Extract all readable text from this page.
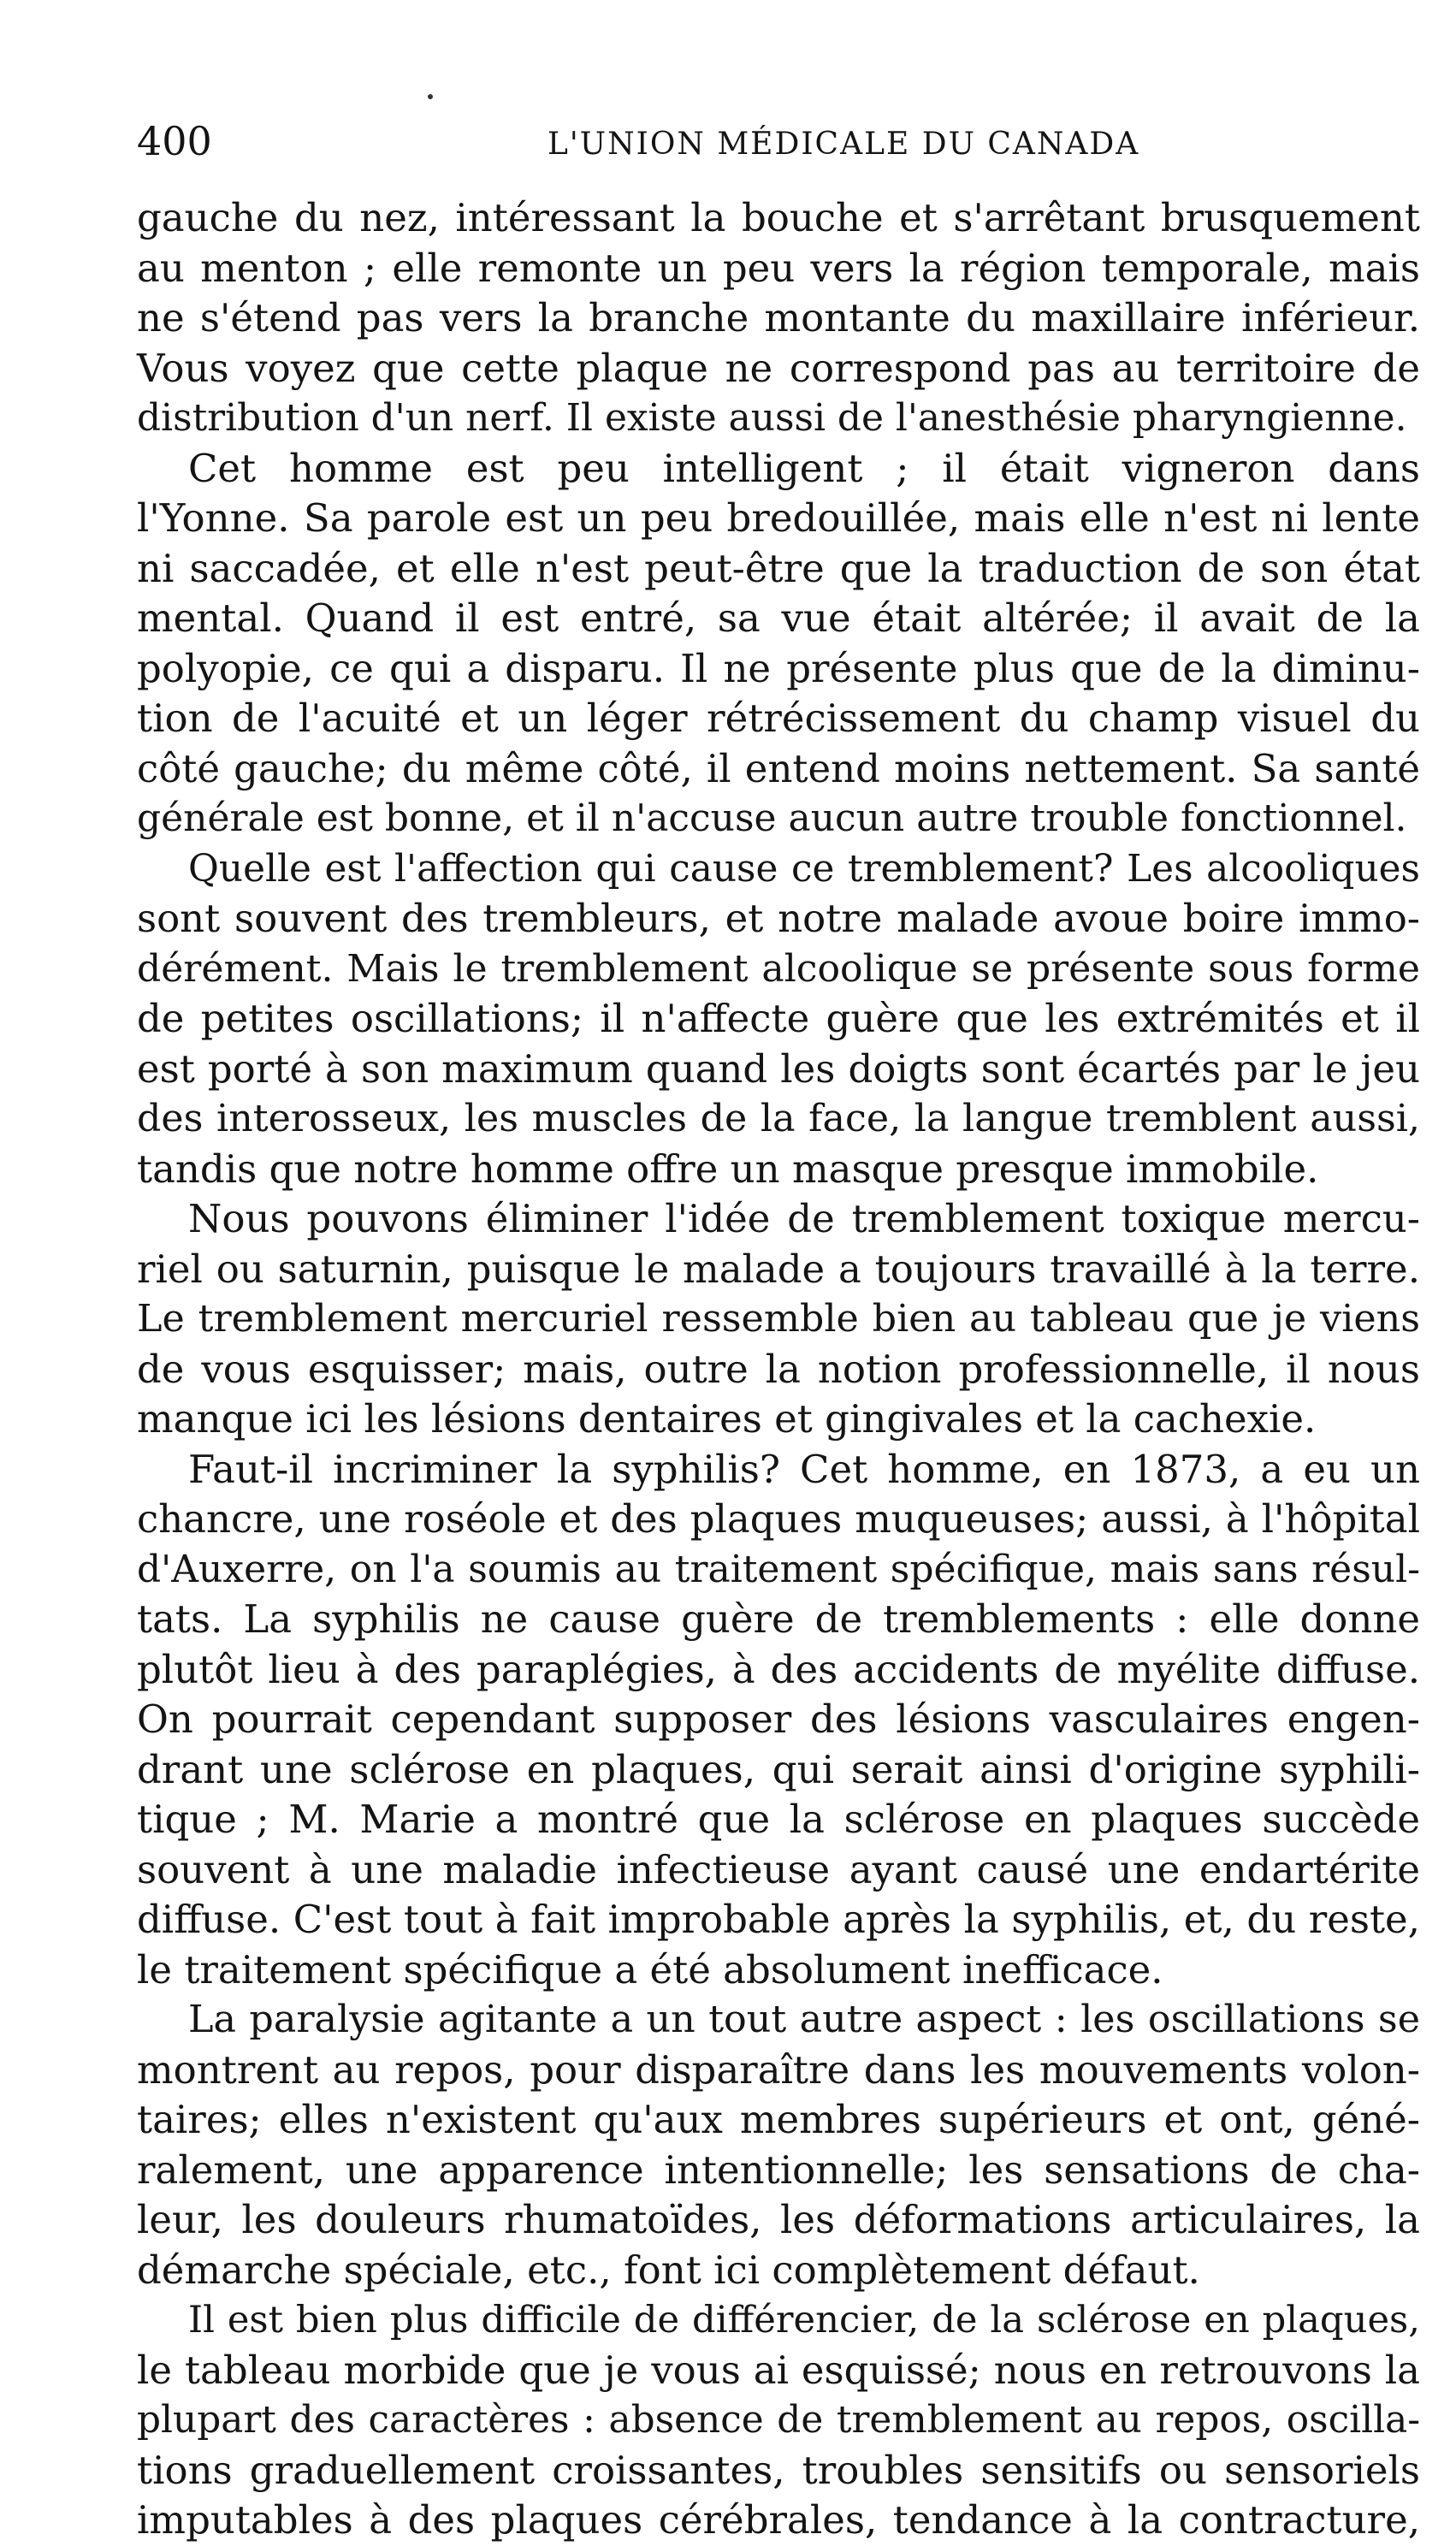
400	L'UNION MÉDICALE DU CANADA

gauche du nez, intéressant la bouche et s'arrêtant brusquement
au menton ; elle remonte un peu vers la région temporale, mais
ne s'étend pas vers la branche montante du maxillaire inférieur.
Vous voyez que cette plaque ne correspond pas au territoire de
distribution d'un nerf. Il existe aussi de l'anesthésie pharyngienne.

Cet homme est peu intelligent ; il était vigneron dans
l'Yonne. Sa parole est un peu bredouillée, mais elle n'est ni lente
ni saccadée, et elle n'est peut-être que la traduction de son état
mental. Quand il est entré, sa vue était altérée; il avait de la
polyopie, ce qui a disparu. Il ne présente plus que de la diminu-
tion de l'acuité et un léger rétrécissement du champ visuel du
côté gauche; du même côté, il entend moins nettement. Sa santé
générale est bonne, et il n'accuse aucun autre trouble fonctionnel.

Quelle est l'affection qui cause ce tremblement? Les alcooliques
sont souvent des trembleurs, et notre malade avoue boire immo-
dérément. Mais le tremblement alcoolique se présente sous forme
de petites oscillations; il n'affecte guère que les extrémités et il
est porté à son maximum quand les doigts sont écartés par le jeu
des interosseux, les muscles de la face, la langue tremblent aussi,
tandis que notre homme offre un masque presque immobile.

Nous pouvons éliminer l'idée de tremblement toxique mercu-
riel ou saturnin, puisque le malade a toujours travaillé à la terre.
Le tremblement mercuriel ressemble bien au tableau que je viens
de vous esquisser; mais, outre la notion professionnelle, il nous
manque ici les lésions dentaires et gingivales et la cachexie.

Faut-il incriminer la syphilis? Cet homme, en 1873, a eu un
chancre, une roséole et des plaques muqueuses; aussi, à l'hôpital
d'Auxerre, on l'a soumis au traitement spécifique, mais sans résul-
tats. La syphilis ne cause guère de tremblements : elle donne
plutôt lieu à des paraplégies, à des accidents de myélite diffuse.
On pourrait cependant supposer des lésions vasculaires engen-
drant une sclérose en plaques, qui serait ainsi d'origine syphili-
tique ; M. Marie a montré que la sclérose en plaques succède
souvent à une maladie infectieuse ayant causé une endartérite
diffuse. C'est tout à fait improbable après la syphilis, et, du reste,
le traitement spécifique a été absolument inefficace.

La paralysie agitante a un tout autre aspect : les oscillations se
montrent au repos, pour disparaître dans les mouvements volon-
taires; elles n'existent qu'aux membres supérieurs et ont, géné-
ralement, une apparence intentionnelle; les sensations de cha-
leur, les douleurs rhumatoïdes, les déformations articulaires, la
démarche spéciale, etc., font ici complètement défaut.

Il est bien plus difficile de différencier, de la sclérose en plaques,
le tableau morbide que je vous ai esquissé; nous en retrouvons la
plupart des caractères : absence de tremblement au repos, oscilla-
tions graduellement croissantes, troubles sensitifs ou sensoriels
imputables à des plaques cérébrales, tendance à la contracture,
